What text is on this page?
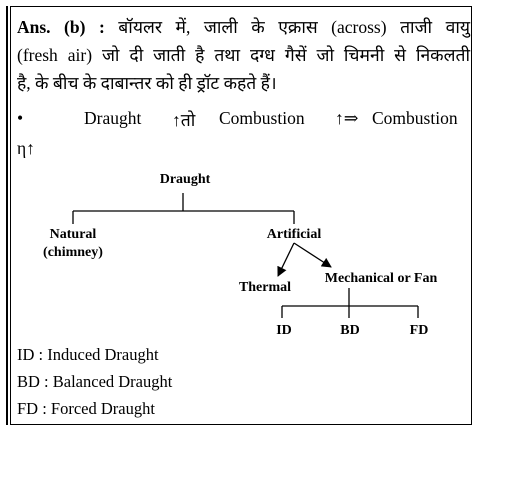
Ans. (b) : बॉयलर में, जाली के एक्रास (across) ताजी वायु
(fresh air) जो दी जाती है तथा दग्ध गैसें जो चिमनी से निकलती
है, के बीच के दाबान्तर को ही ड्रॉट कहते हैं।
•	Draught ↑तो Combustion ↑⇒ Combustion
η↑
Draught
Natural
(chimney)
Artificial
Thermal
Mechanical or Fan
ID	BD	FD
ID : Induced Draught
BD : Balanced Draught
FD : Forced Draught
